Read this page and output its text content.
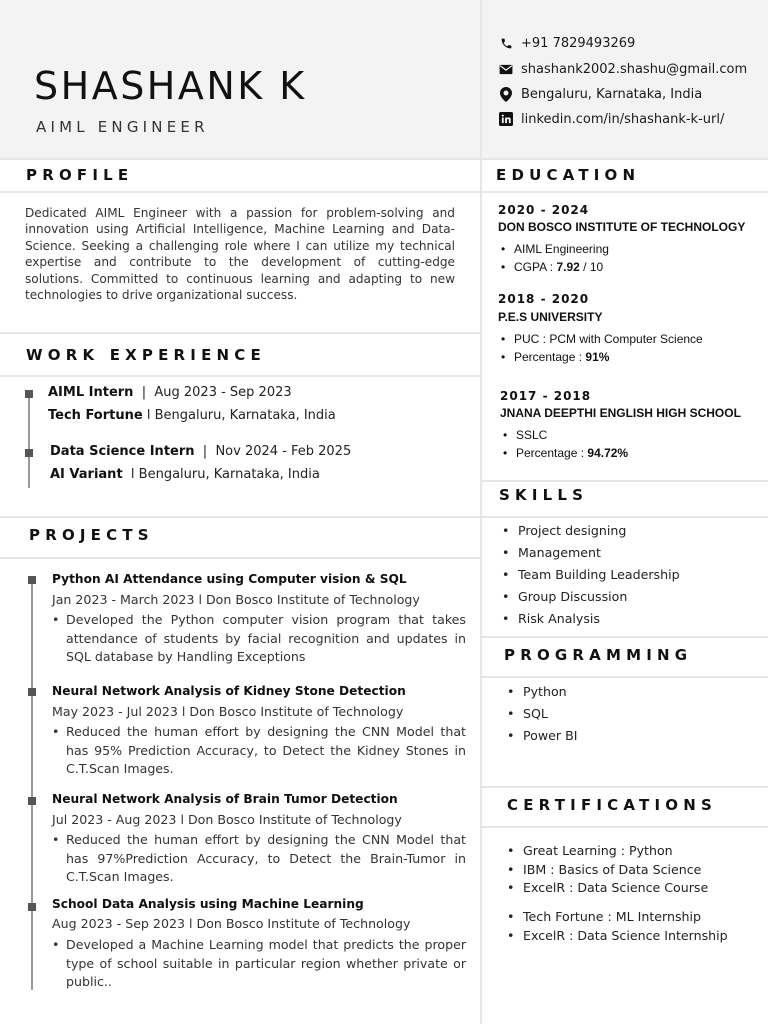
SHASHANK K
AIML ENGINEER
+91 7829493269
shashank2002.shashu@gmail.com
Bengaluru, Karnataka, India
linkedin.com/in/shashank-k-url/
PROFILE
WORK EXPERIENCE
PROJECTS
EDUCATION
SKILLS
PROGRAMMING
CERTIFICATIONS
Dedicated AIML Engineer with a passion for problem-solving and innovation using Artificial Intelligence, Machine Learning and Data-Science. Seeking a challenging role where I can utilize my technical expertise and contribute to the development of cutting-edge solutions. Committed to continuous learning and adapting to new technologies to drive organizational success.
AIML Intern  |  Aug 2023 - Sep 2023
Tech Fortune l Bengaluru, Karnataka, India
Data Science Intern  |  Nov 2024 - Feb 2025
AI Variant  l Bengaluru, Karnataka, India
Python AI Attendance using Computer vision & SQL
Jan 2023 - March 2023 l Don Bosco Institute of Technology
• Developed the Python computer vision program that takes attendance of students by facial recognition and updates in SQL database by Handling Exceptions
Neural Network Analysis of Kidney Stone Detection
May 2023 - Jul 2023 l Don Bosco Institute of Technology
• Reduced the human effort by designing the CNN Model that has 95% Prediction Accuracy, to Detect the Kidney Stones in C.T.Scan Images.
Neural Network Analysis of Brain Tumor Detection
Jul 2023 - Aug 2023 l Don Bosco Institute of Technology
• Reduced the human effort by designing the CNN Model that has 97%Prediction Accuracy, to Detect the Brain-Tumor in C.T.Scan Images.
School Data Analysis using Machine Learning
Aug 2023 - Sep 2023 l Don Bosco Institute of Technology
• Developed a Machine Learning model that predicts the proper type of school suitable in particular region whether private or public..
2020 - 2024
DON BOSCO INSTITUTE OF TECHNOLOGY
• AIML Engineering
• CGPA : 7.92 / 10
2018 - 2020
P.E.S UNIVERSITY
• PUC : PCM with Computer Science
• Percentage : 91%
2017 - 2018
JNANA DEEPTHI ENGLISH HIGH SCHOOL
• SSLC
• Percentage : 94.72%
• Project designing
• Management
• Team Building Leadership
• Group Discussion
• Risk Analysis
• Python
• SQL
• Power BI
• Great Learning : Python
• IBM : Basics of Data Science
• ExcelR : Data Science Course
• Tech Fortune : ML Internship
• ExcelR : Data Science Internship
